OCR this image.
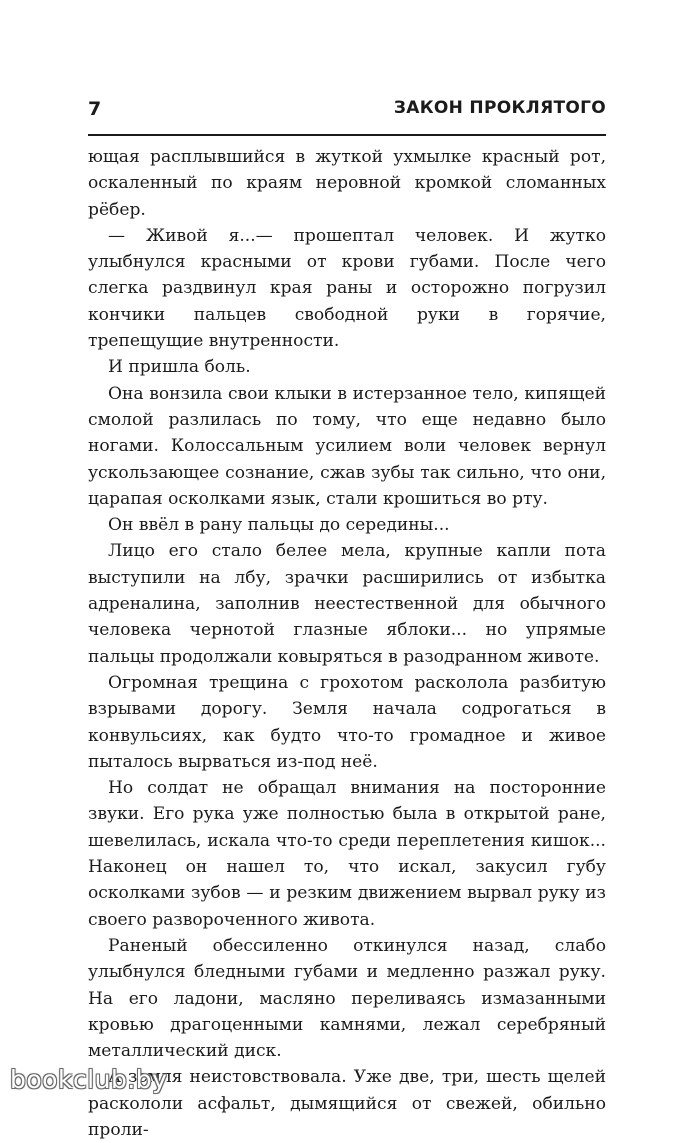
7	ЗАКОН ПРОКЛЯТОГО

ющая расплывшийся в жуткой ухмылке красный рот, оскаленный по краям неровной кромкой сломанных рёбер.

— Живой я...— прошептал человек. И жутко улыбнулся красными от крови губами. После чего слегка раздвинул края раны и осторожно погрузил кончики пальцев свободной руки в горячие, трепещущие внутренности.

И пришла боль.

Она вонзила свои клыки в истерзанное тело, кипящей смолой разлилась по тому, что еще недавно было ногами. Колоссальным усилием воли человек вернул ускользающее сознание, сжав зубы так сильно, что они, царапая осколками язык, стали крошиться во рту.

Он ввёл в рану пальцы до середины...

Лицо его стало белее мела, крупные капли пота выступили на лбу, зрачки расширились от избытка адреналина, заполнив неестественной для обычного человека чернотой глазные яблоки... но упрямые пальцы продолжали ковыряться в разодранном животе.

Огромная трещина с грохотом расколола разбитую взрывами дорогу. Земля начала содрогаться в конвульсиях, как будто что-то громадное и живое пыталось вырваться из-под неё.

Но солдат не обращал внимания на посторонние звуки. Его рука уже полностью была в открытой ране, шевелилась, искала что-то среди переплетения кишок... Наконец он нашел то, что искал, закусил губу осколками зубов — и резким движением вырвал руку из своего развороченного живота.

Раненый обессиленно откинулся назад, слабо улыбнулся бледными губами и медленно разжал руку. На его ладони, масляно переливаясь измазанными кровью драгоценными камнями, лежал серебряный металлический диск.

А земля неистовствовала. Уже две, три, шесть щелей раскололи асфальт, дымящийся от свежей, обильно проли-

bookclub.by
